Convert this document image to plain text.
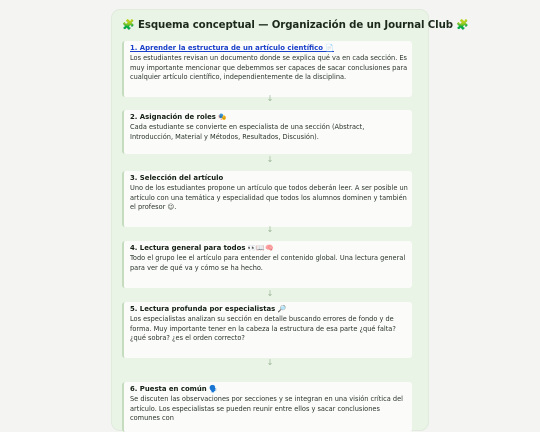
🧩 Esquema conceptual — Organización de un Journal Club 🧩
1. Aprender la estructura de un artículo científico 📄

Los estudiantes revisan un documento donde se explica qué va en cada sección. Es muy importante mencionar que debemmos ser capaces de sacar conclusiones para cualquier artículo científico, independientemente de la disciplina.

↓
2. Asignación de roles 🎭

Cada estudiante se convierte en especialista de una sección (Abstract, Introducción, Material y Métodos, Resultados, Discusión).

↓
3. Selección del artículo

Uno de los estudiantes propone un artículo que todos deberán leer. A ser posible un artículo con una temática y especialidad que todos los alumnos dominen y también el profesor 😉.

↓
4. Lectura general para todos 👀📖🧠

Todo el grupo lee el artículo para entender el contenido global. Una lectura general para ver de qué va y cómo se ha hecho.

↓
5. Lectura profunda por especialistas 🔎

Los especialistas analizan su sección en detalle buscando errores de fondo y de forma. Muy importante tener en la cabeza la estructura de esa parte ¿qué falta? ¿qué sobra? ¿es el orden correcto?

↓
6. Puesta en común 🗣️

Se discuten las observaciones por secciones y se integran en una visión crítica del artículo. Los especialistas se pueden reunir entre ellos y sacar conclusiones comunes con
